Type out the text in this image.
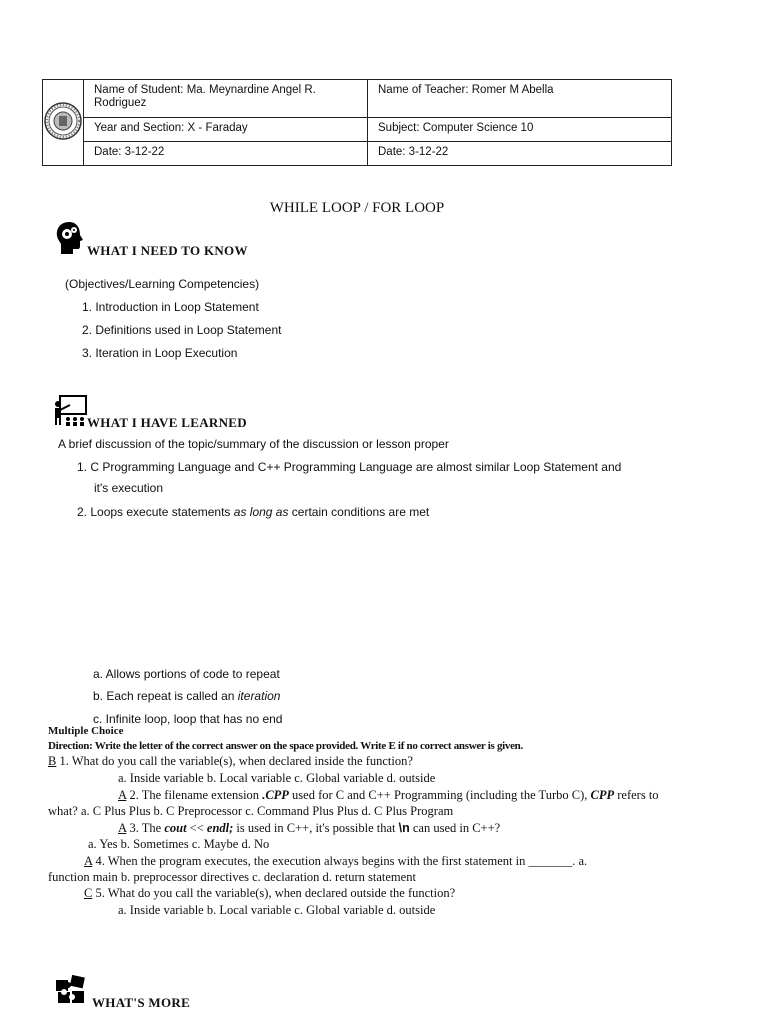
	Name of Student: Ma. Meynardine Angel R. Rodriguez	Name of Teacher: Romer M Abella
	Year and Section: X - Faraday	Subject: Computer Science 10
	Date: 3-12-22	Date: 3-12-22
WHILE LOOP / FOR LOOP
WHAT I NEED TO KNOW
(Objectives/Learning Competencies)
1. Introduction in Loop Statement
2. Definitions used in Loop Statement
3. Iteration in Loop Execution
WHAT I HAVE LEARNED
A brief discussion of the topic/summary of the discussion or lesson proper
1. C Programming Language and C++ Programming Language are almost similar Loop Statement and
it's execution
2. Loops execute statements as long as certain conditions are met
a. Allows portions of code to repeat
b. Each repeat is called an iteration
c. Infinite loop, loop that has no end
Multiple Choice
Direction: Write the letter of the correct answer on the space provided. Write E if no correct answer is given.
B 1. What do you call the variable(s), when declared inside the function?
a. Inside variable b. Local variable c. Global variable d. outside
A 2. The filename extension .CPP used for C and C++ Programming (including the Turbo C), CPP refers to
what? a. C Plus Plus b. C Preprocessor c. Command Plus Plus d. C Plus Program
A 3. The cout << endl; is used in C++, it's possible that \n can used in C++?
a. Yes b. Sometimes c. Maybe d. No
A 4. When the program executes, the execution always begins with the first statement in _______. a.
function main b. preprocessor directives c. declaration d. return statement
C 5. What do you call the variable(s), when declared outside the function?
a. Inside variable b. Local variable c. Global variable d. outside
WHAT'S MORE
